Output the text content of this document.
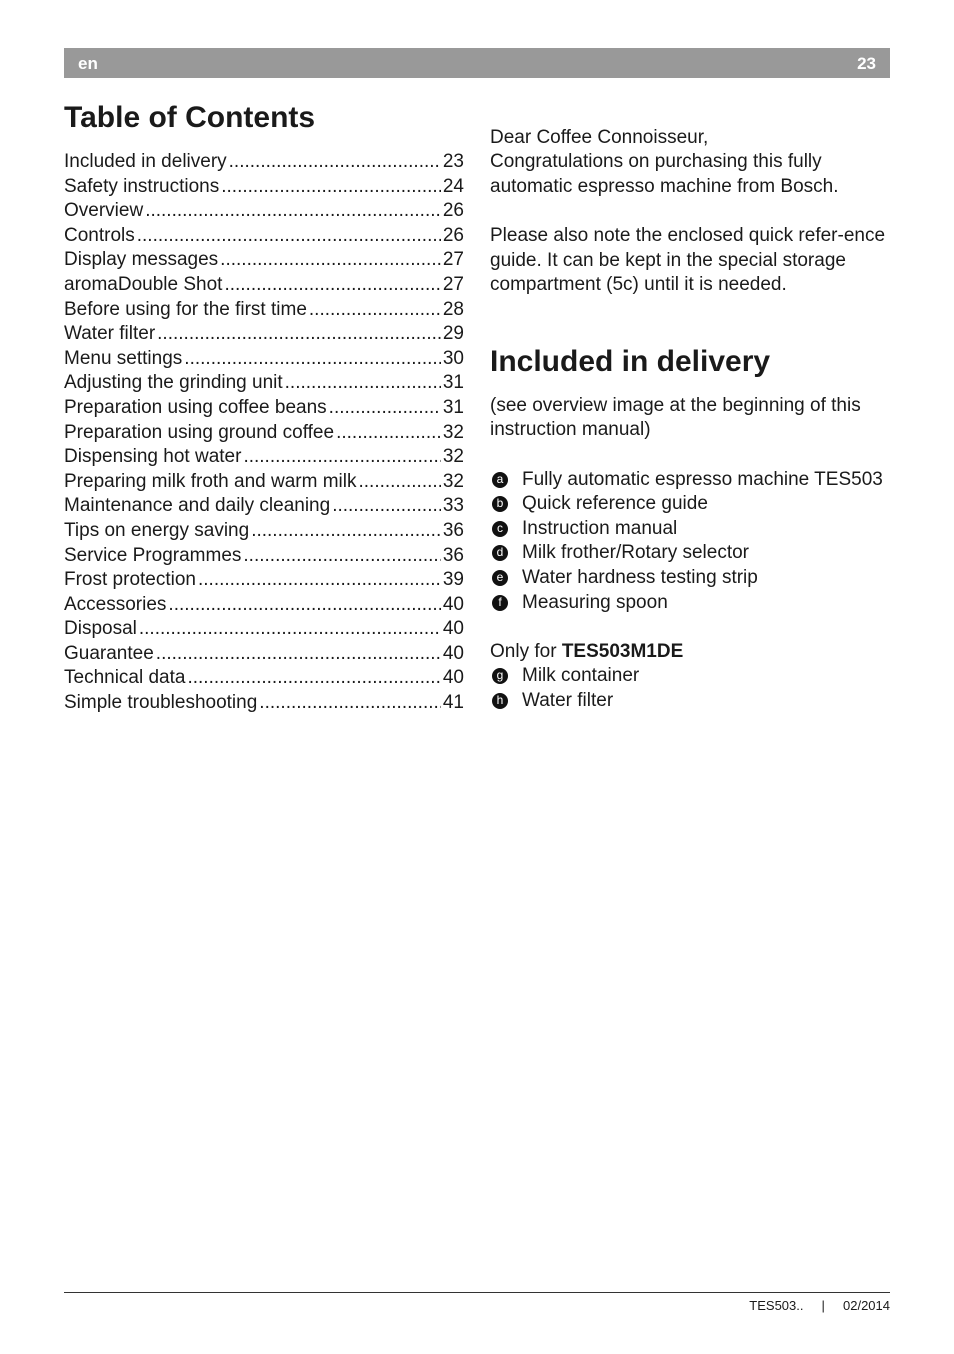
en	23
Table of Contents
Included in delivery .....	23
Safety instructions .....	24
Overview .....	26
Controls .....	26
Display messages .....	27
aromaDouble Shot .....	27
Before using for the first time .....	28
Water filter .....	29
Menu settings .....	30
Adjusting the grinding unit .....	31
Preparation using coffee beans .....	31
Preparation using ground coffee .....	32
Dispensing hot water .....	32
Preparing milk froth and warm milk .....	32
Maintenance and daily cleaning .....	33
Tips on energy saving .....	36
Service Programmes .....	36
Frost protection .....	39
Accessories .....	40
Disposal .....	40
Guarantee .....	40
Technical data .....	40
Simple troubleshooting .....	41

Dear Coffee Connoisseur,
Congratulations on purchasing this fully automatic espresso machine from Bosch.

Please also note the enclosed quick refer-ence guide. It can be kept in the special storage compartment (5c) until it is needed.

Included in delivery

(see overview image at the beginning of this instruction manual)

a Fully automatic espresso machine TES503
b Quick reference guide
c Instruction manual
d Milk frother/Rotary selector
e Water hardness testing strip
f	Measuring spoon
Only for TES503M1DE
g Milk container
h Water filter
TES503.. | 02/2014
